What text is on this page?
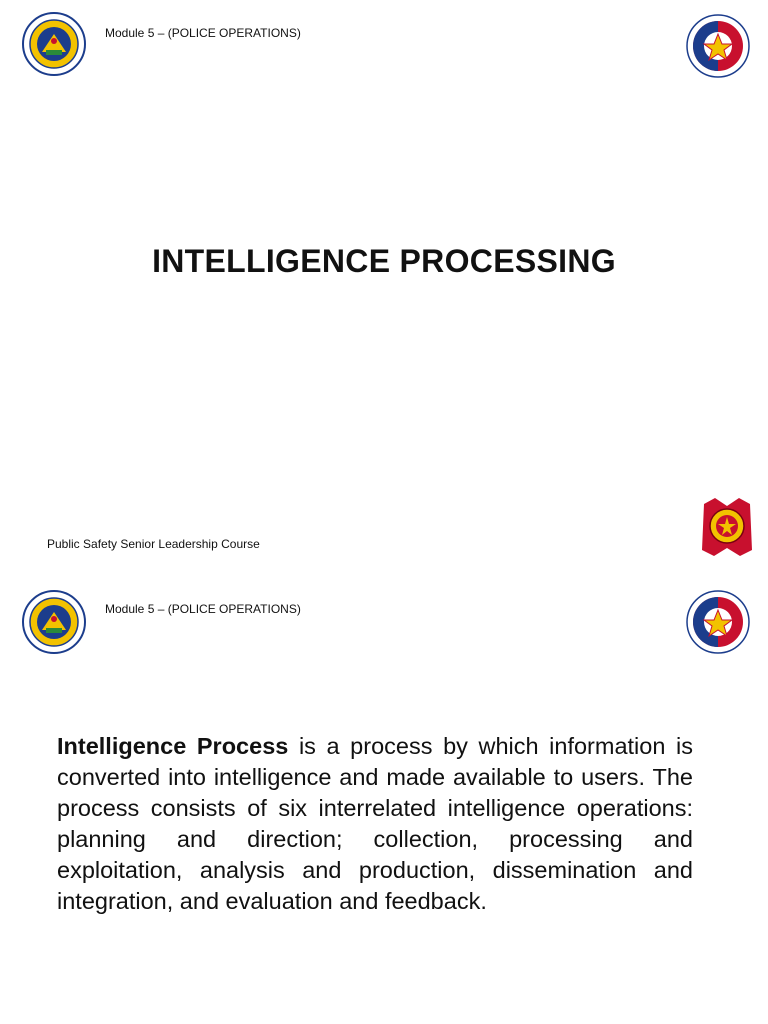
Module 5 – (POLICE OPERATIONS)
INTELLIGENCE PROCESSING
Public Safety Senior Leadership Course
Module 5 – (POLICE OPERATIONS)

Intelligence Process is a process by which information is converted into intelligence and made available to users. The process consists of six interrelated intelligence operations: planning and direction; collection, processing and exploitation, analysis and production, dissemination and integration, and evaluation and feedback.
